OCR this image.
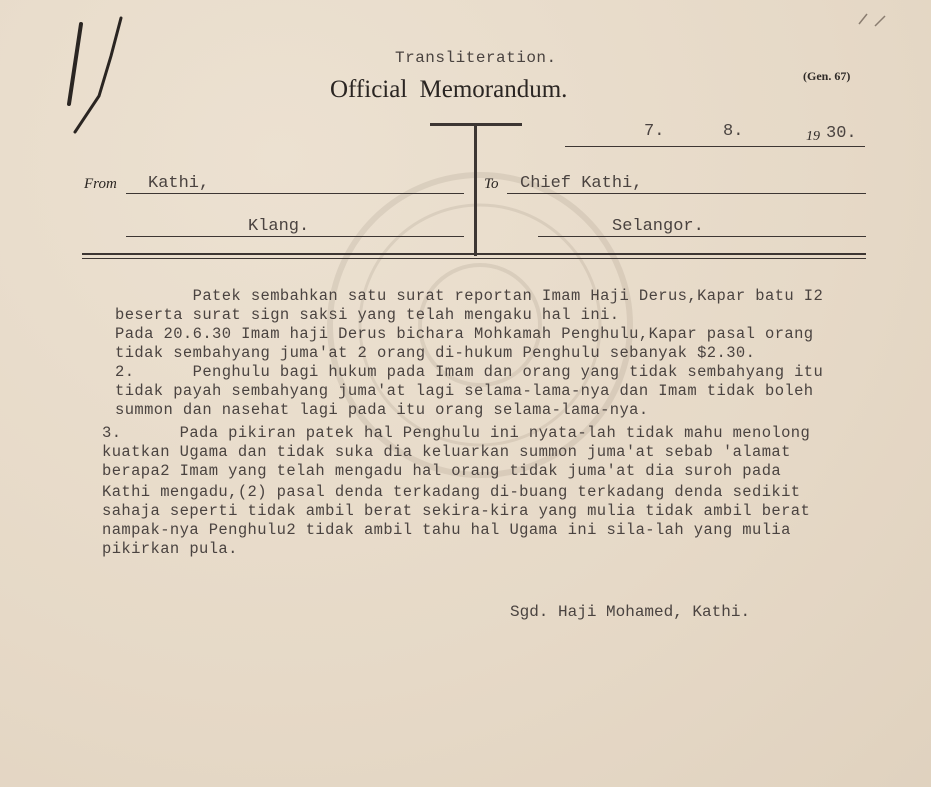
Transliteration.
Official Memorandum.	(Gen. 67)
7.	8.	19 30.
From Kathi,
Klang.
To Chief Kathi,
Selangor.
Patek sembahkan satu surat reportan Imam Haji Derus,Kapar batu I2
beserta surat sign saksi yang telah mengaku hal ini.
Pada 20.6.30 Imam haji Derus bichara Mohkamah Penghulu,Kapar pasal orang
tidak sembahyang juma'at 2 orang di-hukum Penghulu sebanyak $2.30.
2.      Penghulu bagi hukum pada Imam dan orang yang tidak sembahyang itu
tidak payah sembahyang juma'at lagi selama-lama-nya dan Imam tidak boleh
summon dan nasehat lagi pada itu orang selama-lama-nya.
3.      Pada pikiran patek hal Penghulu ini nyata-lah tidak mahu menolong
kuatkan Ugama dan tidak suka dia keluarkan summon juma'at sebab 'alamat
berapa2 Imam yang telah mengadu hal orang tidak juma'at dia suroh pada
Kathi mengadu,(2) pasal denda terkadang di-buang terkadang denda sedikit
sahaja seperti tidak ambil berat sekira-kira yang mulia tidak ambil berat
nampak-nya Penghulu2 tidak ambil tahu hal Ugama ini sila-lah yang mulia
pikirkan pula.
Sgd. Haji Mohamed, Kathi.
